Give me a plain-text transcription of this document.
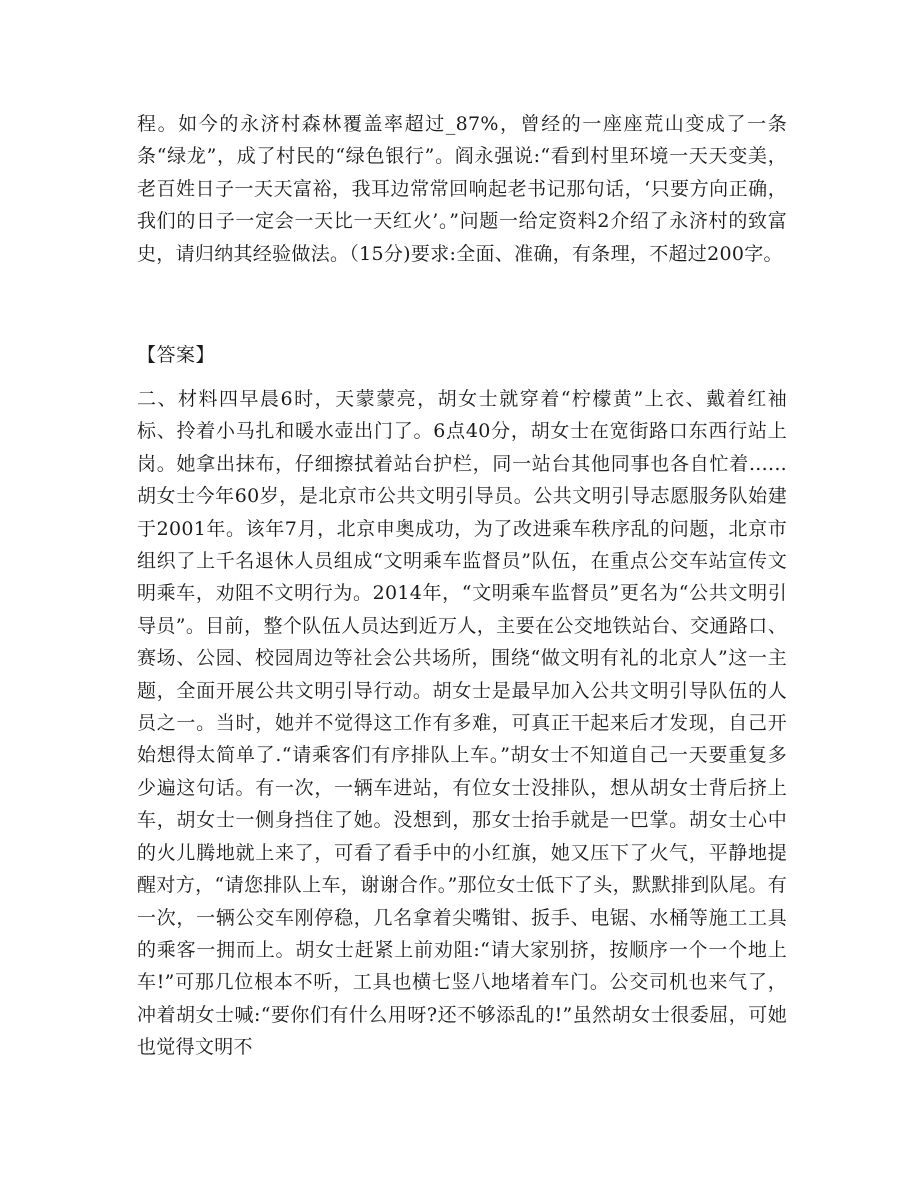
程。如今的永济村森林覆盖率超过_87%，曾经的一座座荒山变成了一条条“绿龙”，成了村民的“绿色银行”。阎永强说:“看到村里环境一天天变美，老百姓日子一天天富裕，我耳边常常回响起老书记那句话，‘只要方向正确，我们的日子一定会一天比一天红火’。”问题一给定资料2介绍了永济村的致富史，请归纳其经验做法。（15分)要求:全面、准确，有条理，不超过200字。
【答案】
二、材料四早晨6时，天蒙蒙亮，胡女士就穿着“柠檬黄”上衣、戴着红袖标、拎着小马扎和暖水壶出门了。6点40分，胡女士在宽街路口东西行站上岗。她拿出抹布，仔细擦拭着站台护栏，同一站台其他同事也各自忙着......胡女士今年60岁，是北京市公共文明引导员。公共文明引导志愿服务队始建于2001年。该年7月，北京申奥成功，为了改进乘车秩序乱的问题，北京市组织了上千名退休人员组成“文明乘车监督员”队伍，在重点公交车站宣传文明乘车，劝阻不文明行为。2014年，“文明乘车监督员”更名为“公共文明引导员”。目前，整个队伍人员达到近万人，主要在公交地铁站台、交通路口、赛场、公园、校园周边等社会公共场所，围绕“做文明有礼的北京人”这一主题，全面开展公共文明引导行动。胡女士是最早加入公共文明引导队伍的人员之一。当时，她并不觉得这工作有多难，可真正干起来后才发现，自己开始想得太简单了.“请乘客们有序排队上车。”胡女士不知道自己一天要重复多少遍这句话。有一次，一辆车进站，有位女士没排队，想从胡女士背后挤上车，胡女士一侧身挡住了她。没想到，那女士抬手就是一巴掌。胡女士心中的火儿腾地就上来了，可看了看手中的小红旗，她又压下了火气，平静地提醒对方，“请您排队上车，谢谢合作。”那位女士低下了头，默默排到队尾。有一次，一辆公交车刚停稳，几名拿着尖嘴钳、扳手、电锯、水桶等施工工具的乘客一拥而上。胡女士赶紧上前劝阻:“请大家别挤，按顺序一个一个地上车!”可那几位根本不听，工具也横七竖八地堵着车门。公交司机也来气了，冲着胡女士喊:“要你们有什么用呀?还不够添乱的!”虽然胡女士很委屈，可她也觉得文明不
